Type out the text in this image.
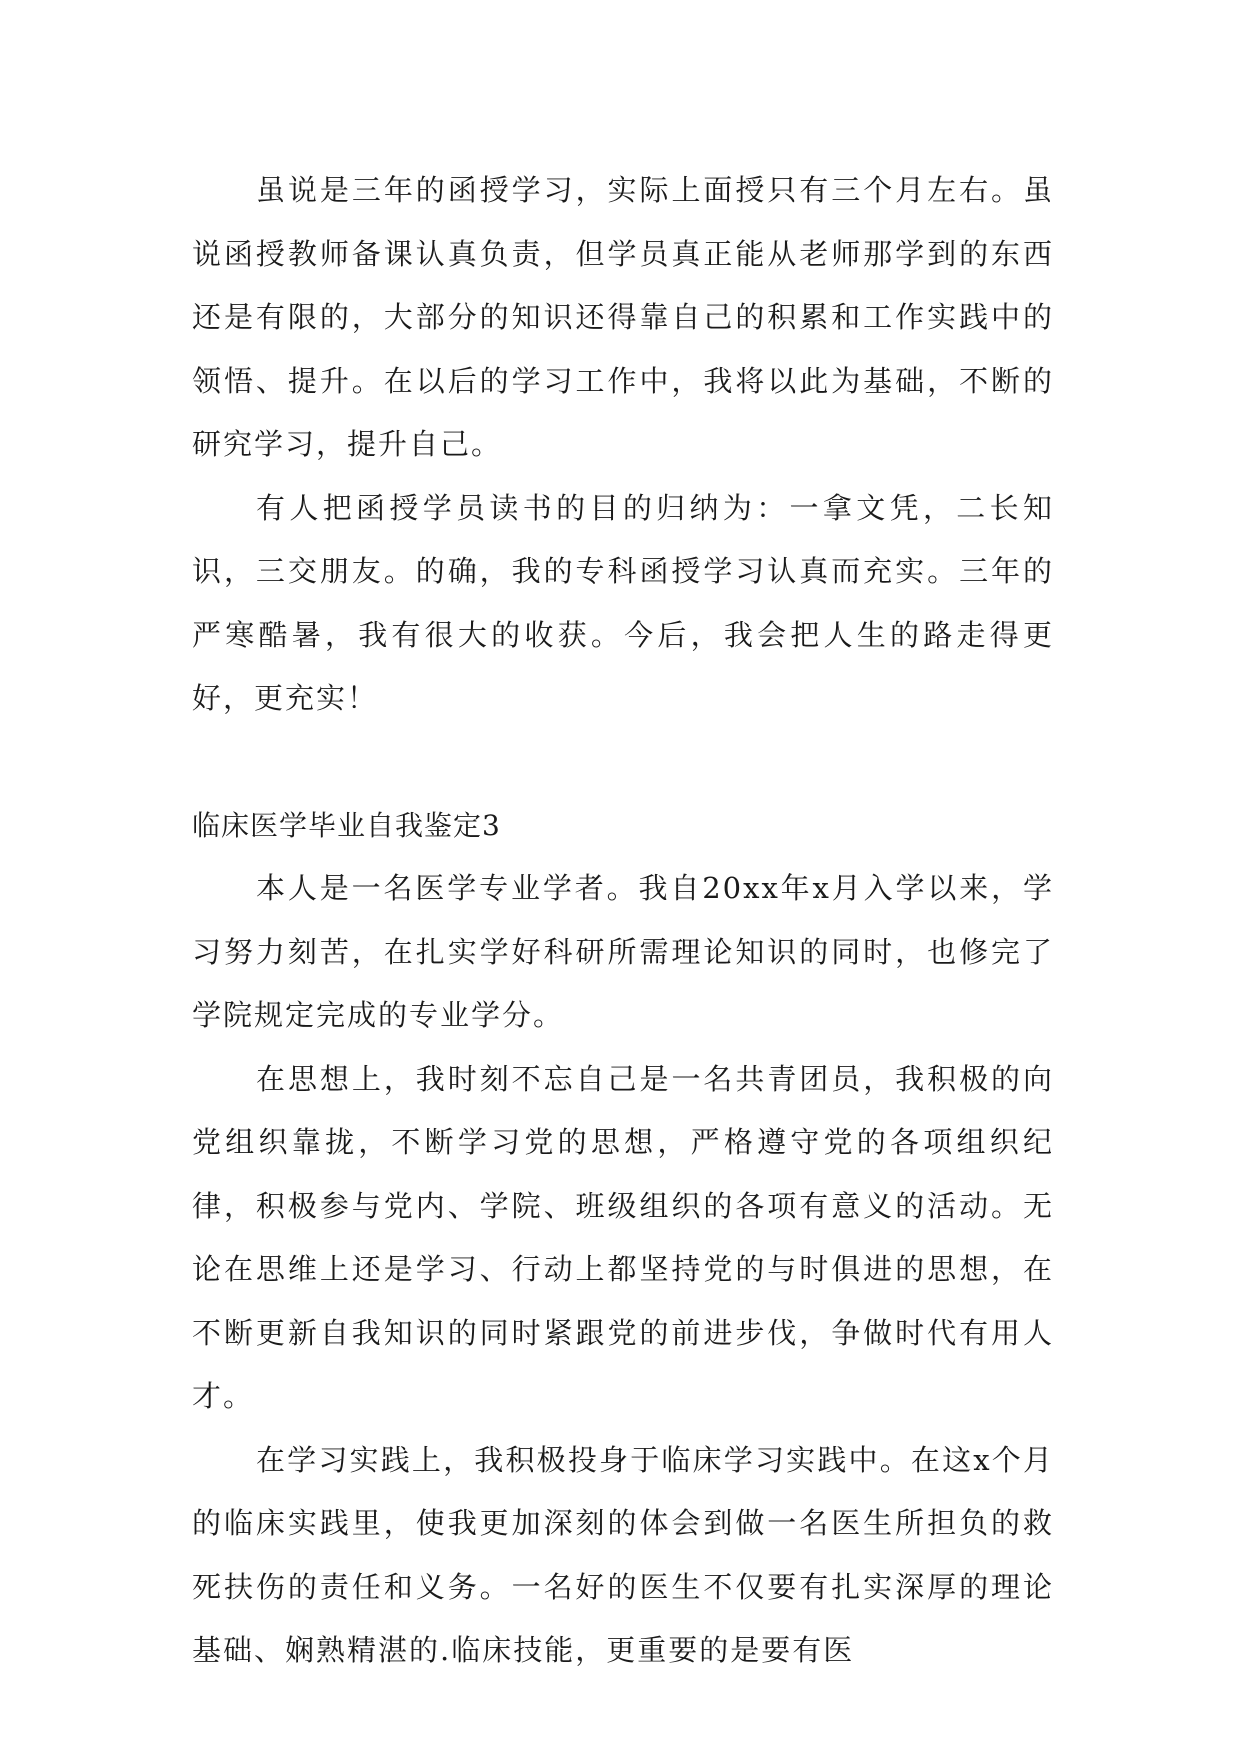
虽说是三年的函授学习，实际上面授只有三个月左右。虽说函授教师备课认真负责，但学员真正能从老师那学到的东西还是有限的，大部分的知识还得靠自己的积累和工作实践中的领悟、提升。在以后的学习工作中，我将以此为基础，不断的研究学习，提升自己。

有人把函授学员读书的目的归纳为：一拿文凭，二长知识，三交朋友。的确，我的专科函授学习认真而充实。三年的严寒酷暑，我有很大的收获。今后，我会把人生的路走得更好，更充实！

临床医学毕业自我鉴定3

本人是一名医学专业学者。我自20xx年x月入学以来，学习努力刻苦，在扎实学好科研所需理论知识的同时，也修完了学院规定完成的专业学分。

在思想上，我时刻不忘自己是一名共青团员，我积极的向党组织靠拢，不断学习党的思想，严格遵守党的各项组织纪律，积极参与党内、学院、班级组织的各项有意义的活动。无论在思维上还是学习、行动上都坚持党的与时俱进的思想，在不断更新自我知识的同时紧跟党的前进步伐，争做时代有用人才。

在学习实践上，我积极投身于临床学习实践中。在这x个月的临床实践里，使我更加深刻的体会到做一名医生所担负的救死扶伤的责任和义务。一名好的医生不仅要有扎实深厚的理论基础、娴熟精湛的.临床技能，更重要的是要有医
